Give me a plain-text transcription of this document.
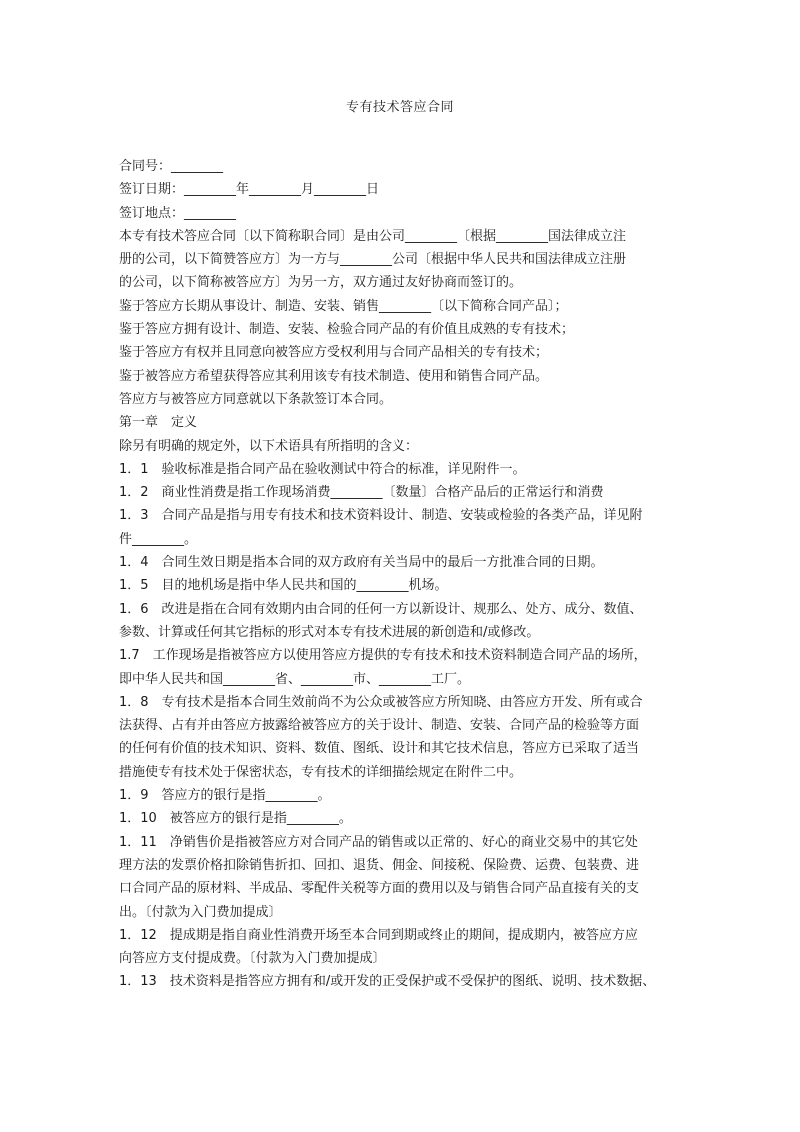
专有技术答应合同
合同号：________
签订日期：________年________月________日
签订地点：________
本专有技术答应合同〔以下简称职合同〕是由公司________〔根据________国法律成立注
册的公司，以下简赞答应方〕为一方与________公司〔根据中华人民共和国法律成立注册
的公司，以下简称被答应方〕为另一方，双方通过友好协商而签订的。
鉴于答应方长期从事设计、制造、安装、销售________〔以下简称合同产品〕；
鉴于答应方拥有设计、制造、安装、检验合同产品的有价值且成熟的专有技术；
鉴于答应方有权并且同意向被答应方受权利用与合同产品相关的专有技术；
鉴于被答应方希望获得答应其利用该专有技术制造、使用和销售合同产品。
答应方与被答应方同意就以下条款签订本合同。
第一章　定义
除另有明确的规定外，以下术语具有所指明的含义：
1．1　验收标准是指合同产品在验收测试中符合的标准，详见附件一。
1．2　商业性消费是指工作现场消费________〔数量〕合格产品后的正常运行和消费
1．3　合同产品是指与用专有技术和技术资料设计、制造、安装或检验的各类产品，详见附
件________。
1．4　合同生效日期是指本合同的双方政府有关当局中的最后一方批准合同的日期。
1．5　目的地机场是指中华人民共和国的________机场。
1．6　改进是指在合同有效期内由合同的任何一方以新设计、规那么、处方、成分、数值、
参数、计算或任何其它指标的形式对本专有技术进展的新创造和/或修改。
1.7　工作现场是指被答应方以使用答应方提供的专有技术和技术资料制造合同产品的场所，
即中华人民共和国________省、________市、________工厂。
1．8　专有技术是指本合同生效前尚不为公众或被答应方所知晓、由答应方开发、所有或合
法获得、占有并由答应方披露给被答应方的关于设计、制造、安装、合同产品的检验等方面
的任何有价值的技术知识、资料、数值、图纸、设计和其它技术信息，答应方已采取了适当
措施使专有技术处于保密状态，专有技术的详细描绘规定在附件二中。
1．9　答应方的银行是指________。
1．10　被答应方的银行是指________。
1．11　净销售价是指被答应方对合同产品的销售或以正常的、好心的商业交易中的其它处
理方法的发票价格扣除销售折扣、回扣、退货、佣金、间接税、保险费、运费、包装费、进
口合同产品的原材料、半成品、零配件关税等方面的费用以及与销售合同产品直接有关的支
出。〔付款为入门费加提成〕
1．12　提成期是指自商业性消费开场至本合同到期或终止的期间，提成期内，被答应方应
向答应方支付提成费。〔付款为入门费加提成〕
1．13　技术资料是指答应方拥有和/或开发的正受保护或不受保护的图纸、说明、技术数据、
